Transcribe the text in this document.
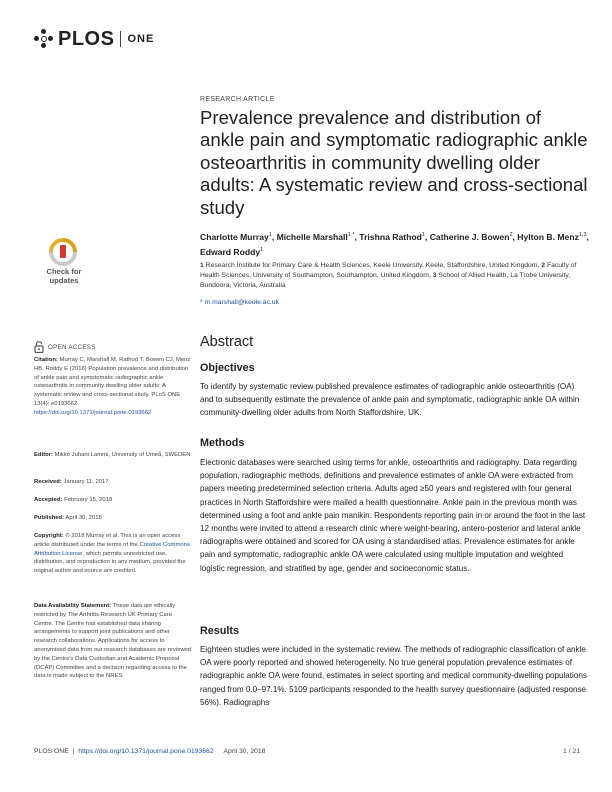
PLOS ONE
RESEARCH ARTICLE
Prevalence prevalence and distribution of ankle pain and symptomatic radiographic ankle osteoarthritis in community dwelling older adults: A systematic review and cross-sectional study

Charlotte Murray$^1$, Michelle Marshall$^{1 *}$, Trishna Rathod$^1$, Catherine J. Bowen$^2$, Hylton B. Menz$^{1,3}$, Edward Roddy$^1$

1 Research Institute for Primary Care & Health Sciences, Keele University, Keele, Staffordshire, United Kingdom, 2 Faculty of Health Sciences, University of Southampton, Southampton, United Kingdom, 3 School of Allied Health, La Trobe University, Bundoora, Victoria, Australia

* m.marshall@keele.ac.uk
Check for
updates
OPEN ACCESS

Citation: Murray C, Marshall M, Rathod T, Bowen CJ, Menz HB, Roddy E (2018) Population prevalence and distribution of ankle pain and symptomatic radiographic ankle osteoarthritis in community dwelling older adults: A systematic review and cross-sectional study. PLoS ONE 13(4): e0193662. https://doi.org/10.1371/journal.pone.0193662

Editor: Mikko Juhani Lammi, University of Umeå, SWEDEN

Received: January 11, 2017

Accepted: February 15, 2018

Published: April 30, 2018

Copyright: © 2018 Murray et al. This is an open access article distributed under the terms of the Creative Commons Attribution License, which permits unrestricted use, distribution, and reproduction in any medium, provided the original author and source are credited.

Data Availability Statement: These data are ethically restricted by The Arthritis Research UK Primary Care Centre. The Centre has established data sharing arrangements to support joint publications and other research collaborations. Applications for access to anonymised data from our research databases are reviewed by the Centre's Data Custodian and Academic Proposal (DCAP) Committee and a decision regarding access to the data is made subject to the NRES

Abstract
Objectives

To identify by systematic review published prevalence estimates of radiographic ankle osteoarthritis (OA) and to subsequently estimate the prevalence of ankle pain and symptomatic, radiographic ankle OA within community-dwelling older adults from North Staffordshire, UK.

Methods

Electronic databases were searched using terms for ankle, osteoarthritis and radiography. Data regarding population, radiographic methods, definitions and prevalence estimates of ankle OA were extracted from papers meeting predetermined selection criteria. Adults aged ≥50 years and registered with four general practices in North Staffordshire were mailed a health questionnaire. Ankle pain in the previous month was determined using a foot and ankle pain manikin. Respondents reporting pain in or around the foot in the last 12 months were invited to attend a research clinic where weight-bearing, antero-posterior and lateral ankle radiographs were obtained and scored for OA using a standardised atlas. Prevalence estimates for ankle pain and symptomatic, radiographic ankle OA were calculated using multiple imputation and weighted logistic regression, and stratified by age, gender and socioeconomic status.

Results

Eighteen studies were included in the systematic review. The methods of radiographic classification of ankle OA were poorly reported and showed heterogeneity. No true general population prevalence estimates of radiographic ankle OA were found, estimates in select sporting and medical community-dwelling populations ranged from 0.0–97.1%. 5109 participants responded to the health survey questionnaire (adjusted response 56%). Radiographs

PLOS ONE | https://doi.org/10.1371/journal.pone.0193662 April 30, 2018	1 / 21
